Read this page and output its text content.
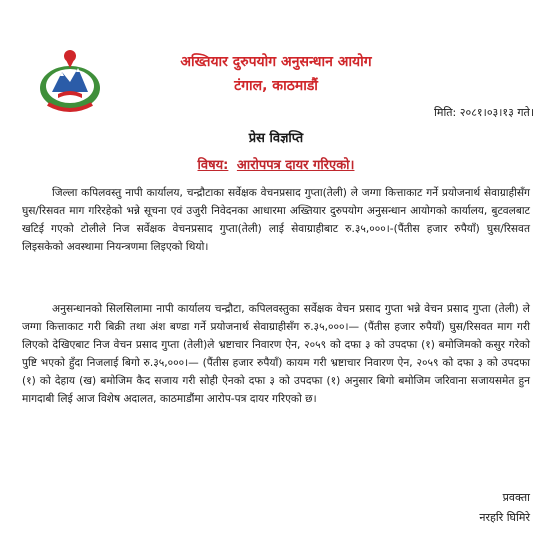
अख्तियार दुरुपयोग अनुसन्धान आयोग
टंगाल, काठमाडौं
मिति: २०८१।०३।१३ गते।
प्रेस विज्ञप्ति
विषय: आरोपपत्र दायर गरिएको।

जिल्ला कपिलवस्तु नापी कार्यालय, चन्द्रौटाका सर्वेक्षक वेचनप्रसाद गुप्ता(तेली) ले जग्गा कित्ताकाट गर्ने प्रयोजनार्थ सेवाग्राहीसँग घुस/रिसवत माग गरिरहेको भन्ने सूचना एवं उजुरी निवेदनका आधारमा अख्तियार दुरुपयोग अनुसन्धान आयोगको कार्यालय, बुटवलबाट खटिई गएको टोलीले निज सर्वेक्षक वेचनप्रसाद गुप्ता(तेली) लाई सेवाग्राहीबाट रु.३५,०००।-(पैंतीस हजार रुपैयाँ) घुस/रिसवत लिइसकेको अवस्थामा नियन्त्रणमा लिइएको थियो।

अनुसन्धानको सिलसिलामा नापी कार्यालय चन्द्रौटा, कपिलवस्तुका सर्वेक्षक वेचन प्रसाद गुप्ता भन्ने वेचन प्रसाद गुप्ता (तेली) ले जग्गा कित्ताकाट गरी बिक्री तथा अंश बण्डा गर्ने प्रयोजनार्थ सेवाग्राहीसँग रु.३५,०००।— (पैंतीस हजार रुपैयाँ) घुस/रिसवत माग गरी लिएको देखिएबाट निज वेचन प्रसाद गुप्ता (तेली)ले भ्रष्टाचार निवारण ऐन, २०५९ को दफा ३ को उपदफा (१) बमोजिमको कसुर गरेको पुष्टि भएको हुँदा निजलाई बिगो रु.३५,०००।— (पैंतीस हजार रुपैयाँ) कायम गरी भ्रष्टाचार निवारण ऐन, २०५९ को दफा ३ को उपदफा (१) को देहाय (ख) बमोजिम कैद सजाय गरी सोही ऐनको दफा ३ को उपदफा (१) अनुसार बिगो बमोजिम जरिवाना सजायसमेत हुन मागदाबी लिई आज विशेष अदालत, काठमाडौंमा आरोप-पत्र दायर गरिएको छ।

प्रवक्ता
नरहरि घिमिरे
